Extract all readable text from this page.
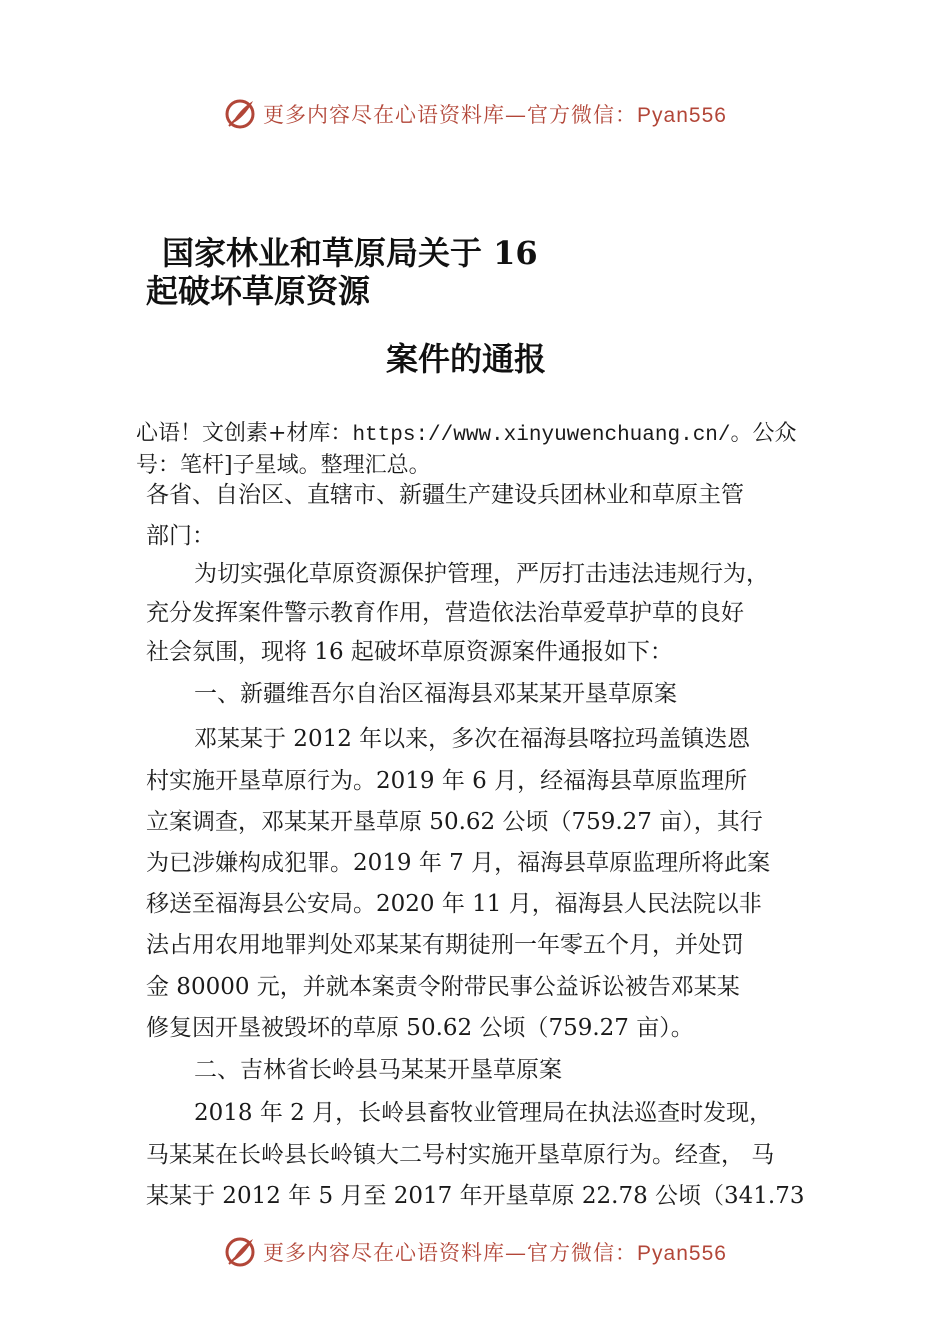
更多内容尽在心语资料库—官方微信：Pyan556
国家林业和草原局关于 16
起破坏草原资源
案件的通报
心语！文创素+材库：https://www.xinyuwenchuang.cn/。公众
号：笔杆]子星域。整理汇总。
各省、自治区、直辖市、新疆生产建设兵团林业和草原主管
部门：
为切实强化草原资源保护管理，严厉打击违法违规行为，
充分发挥案件警示教育作用，营造依法治草爱草护草的良好
社会氛围，现将 16 起破坏草原资源案件通报如下：
一、新疆维吾尔自治区福海县邓某某开垦草原案
邓某某于 2012 年以来，多次在福海县喀拉玛盖镇迭恩
村实施开垦草原行为。2019 年 6 月，经福海县草原监理所
立案调查，邓某某开垦草原 50.62 公顷（759.27 亩），其行
为已涉嫌构成犯罪。2019 年 7 月，福海县草原监理所将此案
移送至福海县公安局。2020 年 11 月，福海县人民法院以非
法占用农用地罪判处邓某某有期徒刑一年零五个月，并处罚
金 80000 元，并就本案责令附带民事公益诉讼被告邓某某
修复因开垦被毁坏的草原 50.62 公顷（759.27 亩）。
二、吉林省长岭县马某某开垦草原案
2018 年 2 月，长岭县畜牧业管理局在执法巡查时发现，
马某某在长岭县长岭镇大二号村实施开垦草原行为。经查， 马
某某于 2012 年 5 月至 2017 年开垦草原 22.78 公顷（341.73
更多内容尽在心语资料库—官方微信：Pyan556
